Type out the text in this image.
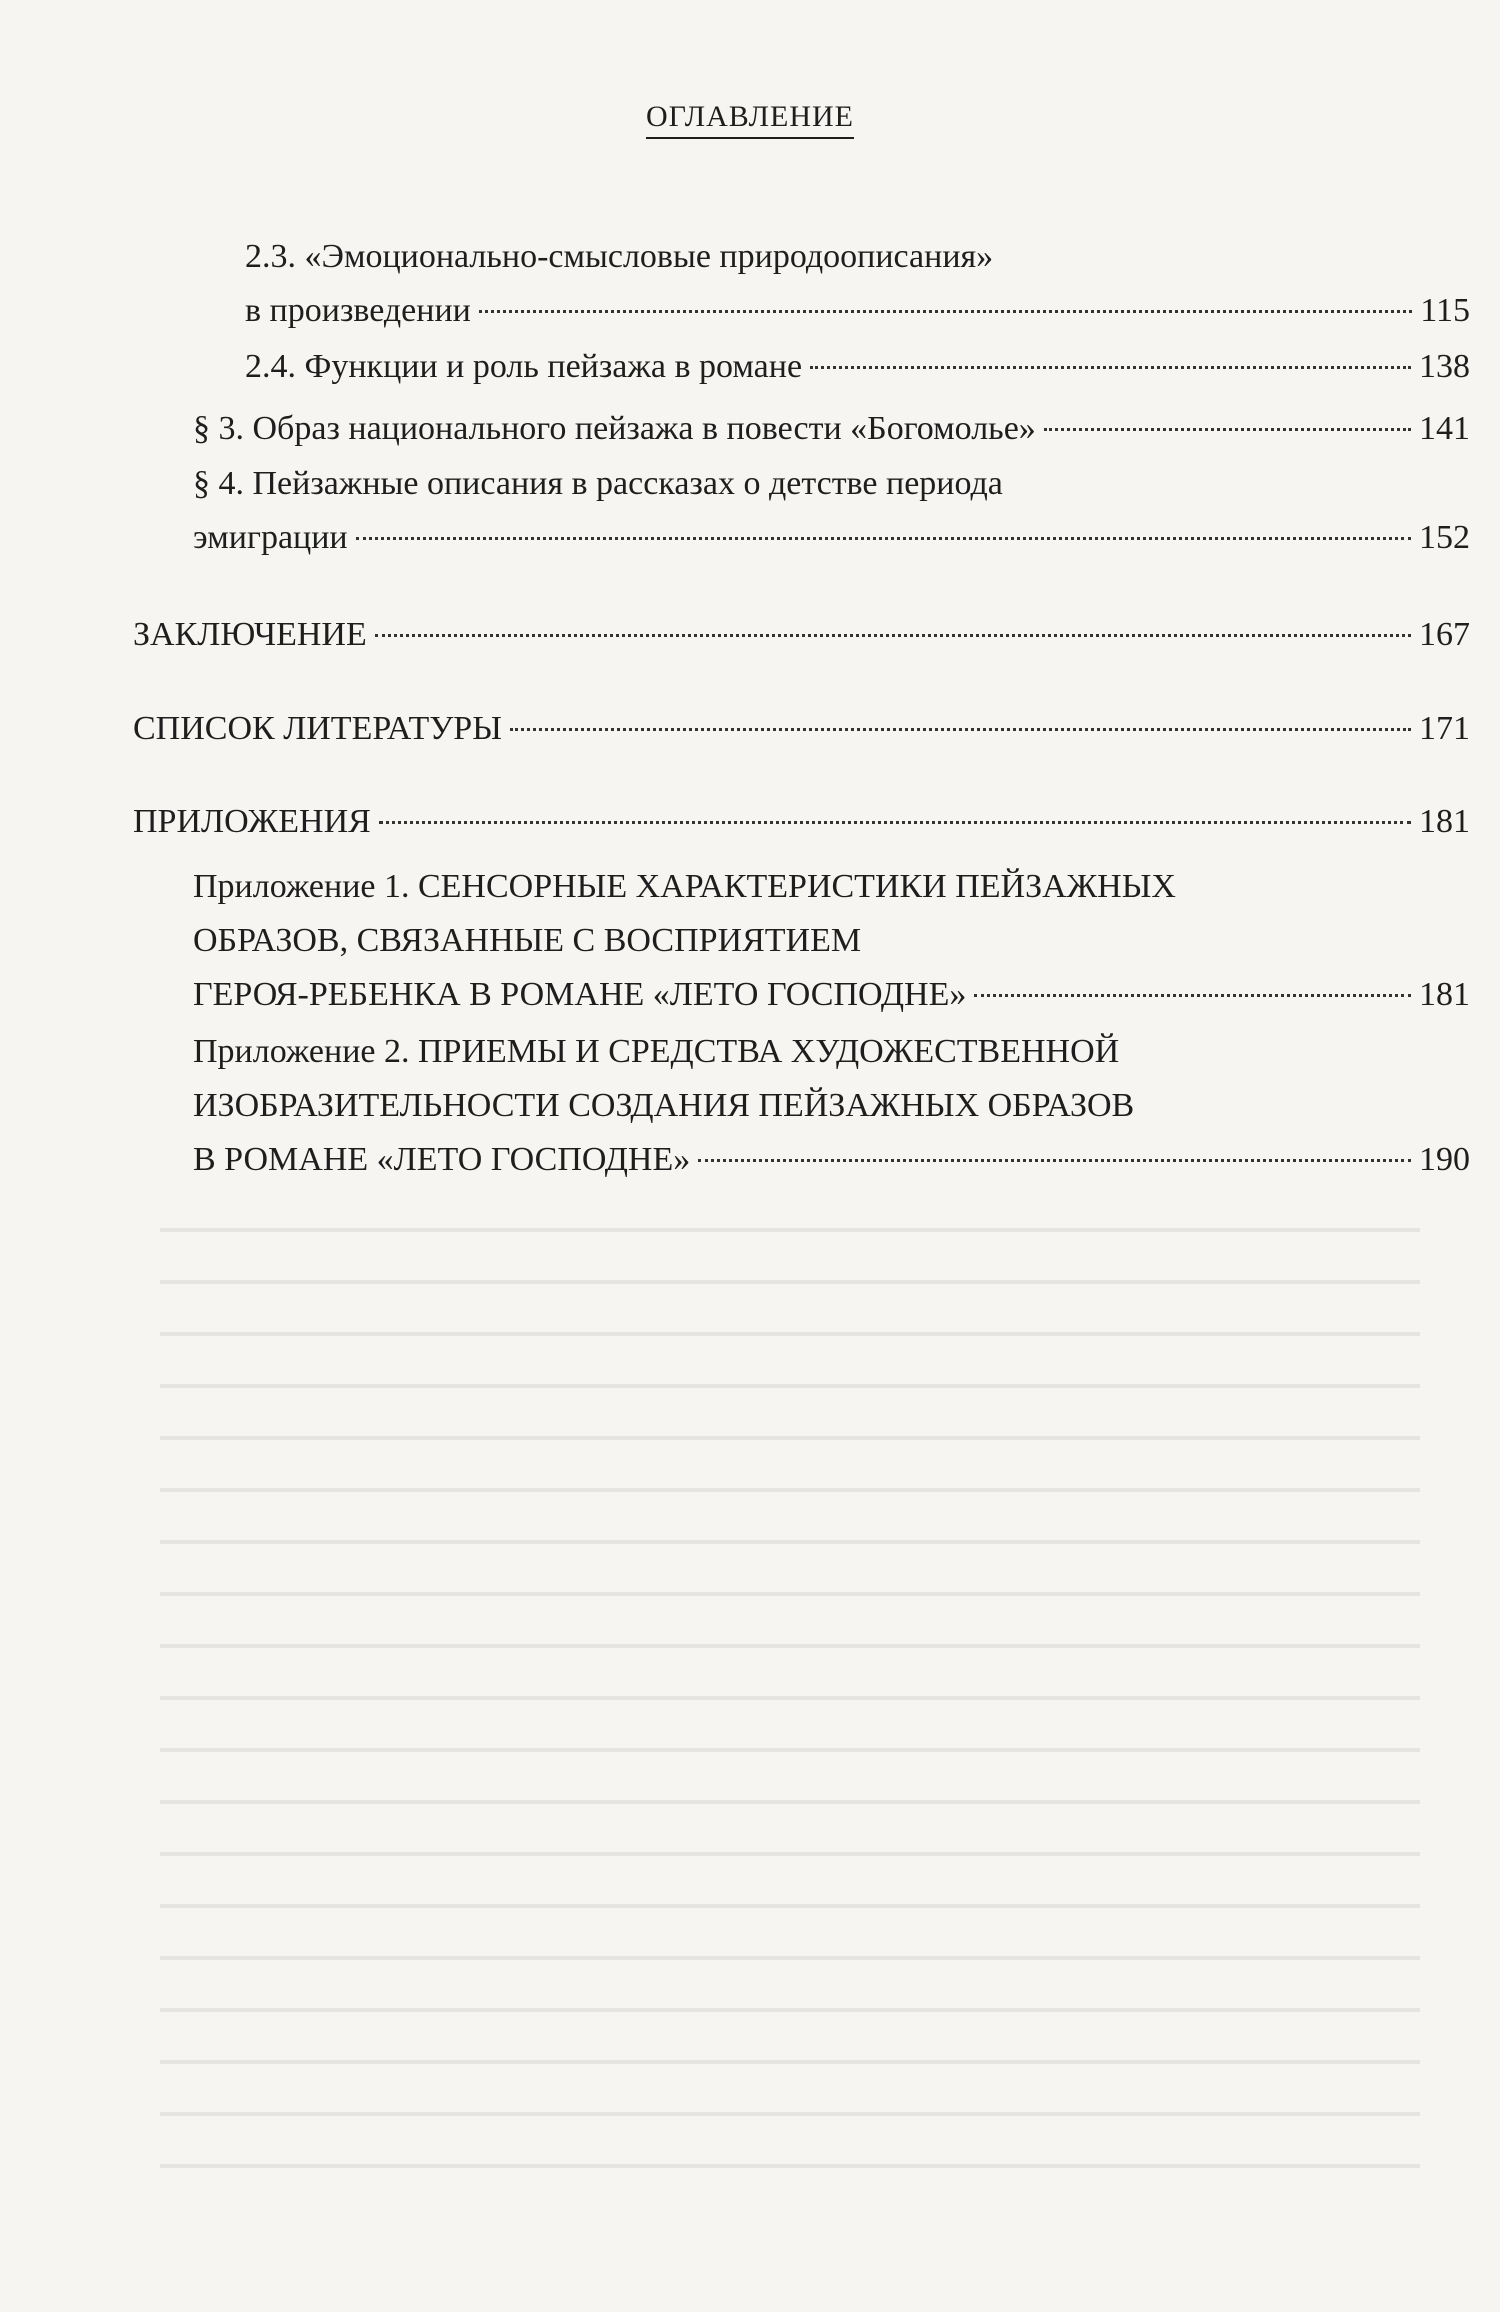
ОГЛАВЛЕНИЕ
2.3. «Эмоционально-смысловые природоописания»
в произведении	115
2.4. Функции и роль пейзажа в романе	138
§ 3. Образ национального пейзажа в повести «Богомолье»	141
§ 4. Пейзажные описания в рассказах о детстве периода
эмиграции	152
ЗАКЛЮЧЕНИЕ	167
СПИСОК ЛИТЕРАТУРЫ	171
ПРИЛОЖЕНИЯ	181
Приложение 1. СЕНСОРНЫЕ ХАРАКТЕРИСТИКИ ПЕЙЗАЖНЫХ
ОБРАЗОВ, СВЯЗАННЫЕ С ВОСПРИЯТИЕМ
ГЕРОЯ-РЕБЕНКА В РОМАНЕ «ЛЕТО ГОСПОДНЕ»	181
Приложение 2. ПРИЕМЫ И СРЕДСТВА ХУДОЖЕСТВЕННОЙ
ИЗОБРАЗИТЕЛЬНОСТИ СОЗДАНИЯ ПЕЙЗАЖНЫХ ОБРАЗОВ
В РОМАНЕ «ЛЕТО ГОСПОДНЕ»	190
